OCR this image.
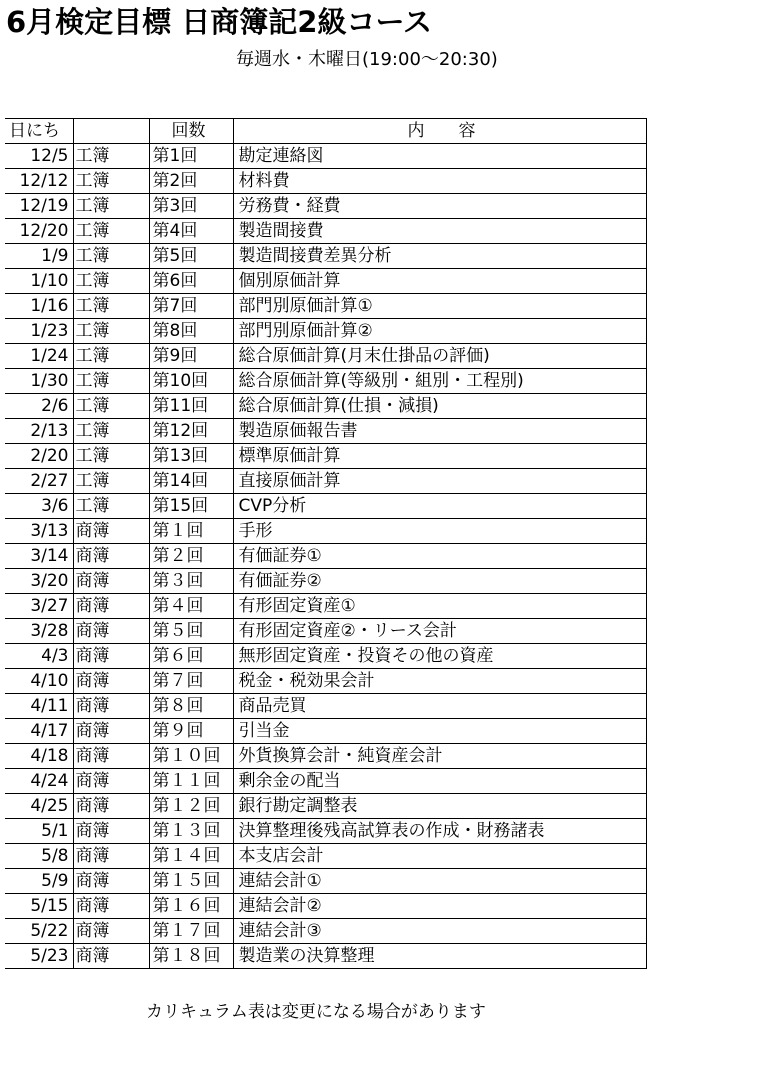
6月検定目標 日商簿記2級コース
毎週水・木曜日(19:00～20:30)
日にち		回数	内　　容
12/5	工簿	第1回	勘定連絡図
12/12	工簿	第2回	材料費
12/19	工簿	第3回	労務費・経費
12/20	工簿	第4回	製造間接費
1/9	工簿	第5回	製造間接費差異分析
1/10	工簿	第6回	個別原価計算
1/16	工簿	第7回	部門別原価計算①
1/23	工簿	第8回	部門別原価計算②
1/24	工簿	第9回	総合原価計算(月末仕掛品の評価)
1/30	工簿	第10回	総合原価計算(等級別・組別・工程別)
2/6	工簿	第11回	総合原価計算(仕損・減損)
2/13	工簿	第12回	製造原価報告書
2/20	工簿	第13回	標準原価計算
2/27	工簿	第14回	直接原価計算
3/6	工簿	第15回	CVP分析
3/13	商簿	第１回	手形
3/14	商簿	第２回	有価証券①
3/20	商簿	第３回	有価証券②
3/27	商簿	第４回	有形固定資産①
3/28	商簿	第５回	有形固定資産②・リース会計
4/3	商簿	第６回	無形固定資産・投資その他の資産
4/10	商簿	第７回	税金・税効果会計
4/11	商簿	第８回	商品売買
4/17	商簿	第９回	引当金
4/18	商簿	第１０回	外貨換算会計・純資産会計
4/24	商簿	第１１回	剰余金の配当
4/25	商簿	第１２回	銀行勘定調整表
5/1	商簿	第１３回	決算整理後残高試算表の作成・財務諸表
5/8	商簿	第１４回	本支店会計
5/9	商簿	第１５回	連結会計①
5/15	商簿	第１６回	連結会計②
5/22	商簿	第１７回	連結会計③
5/23	商簿	第１８回	製造業の決算整理
カリキュラム表は変更になる場合があります
